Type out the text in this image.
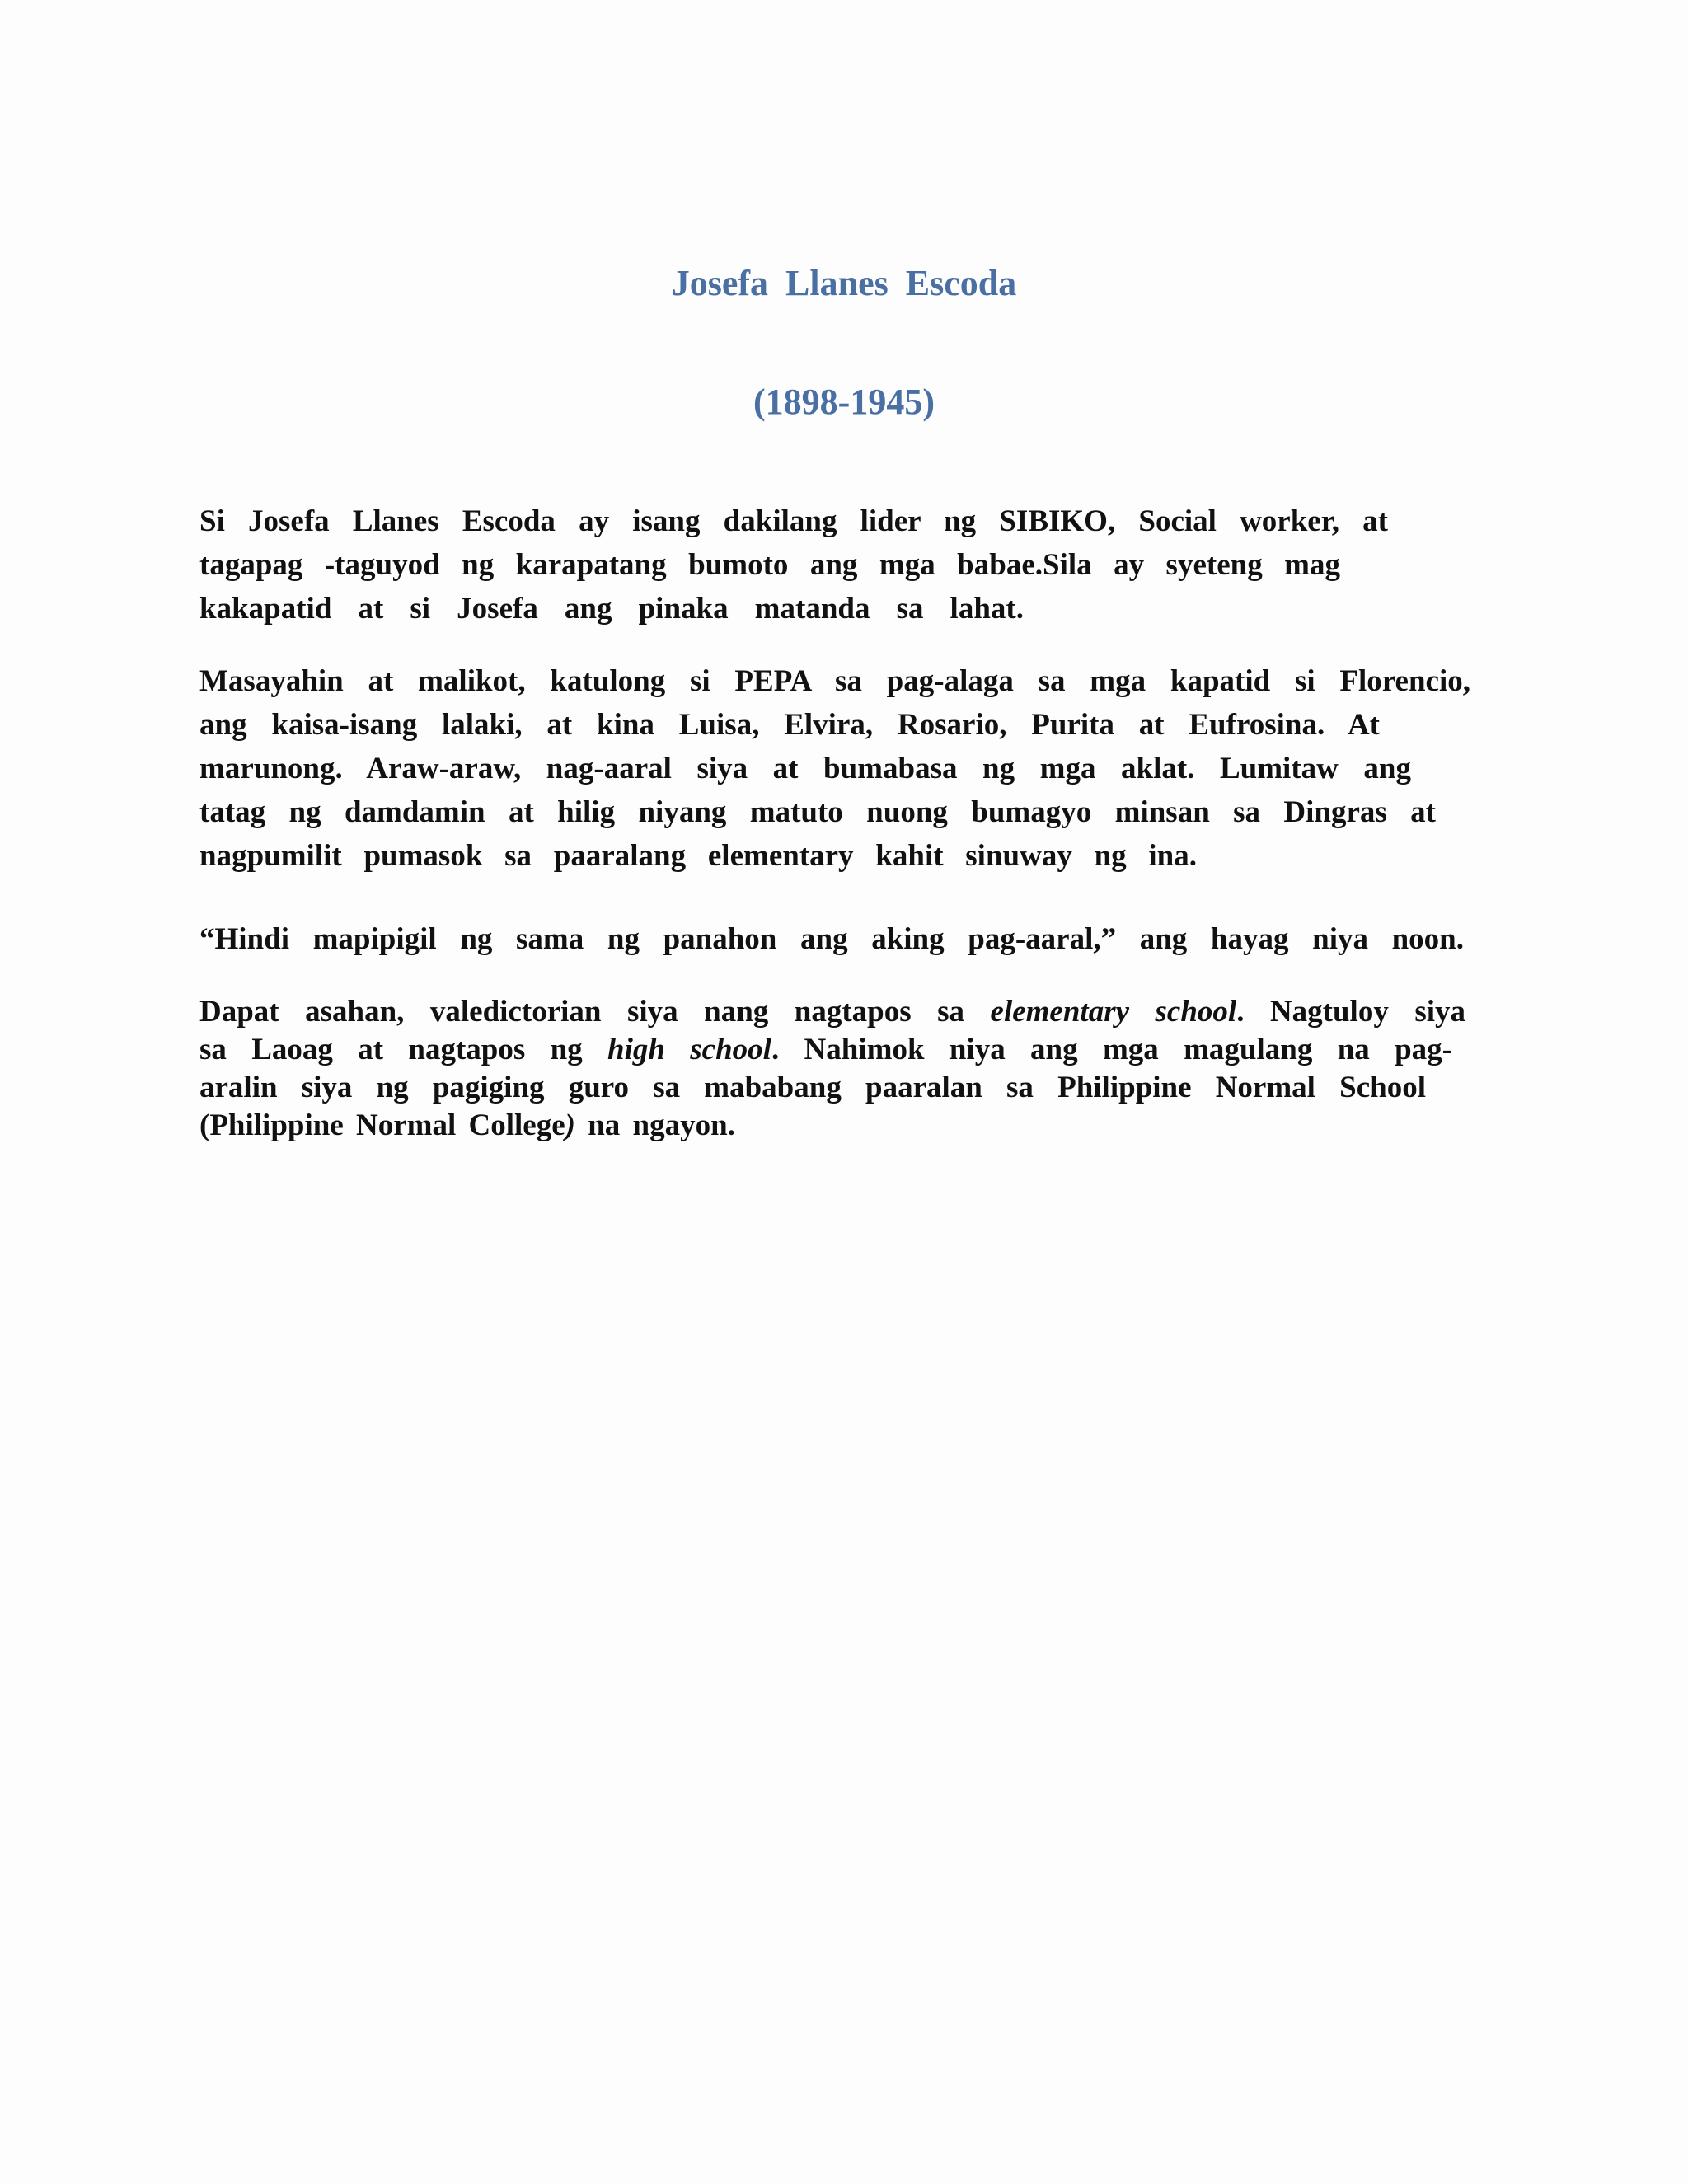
Josefa Llanes Escoda
(1898-1945)

Si Josefa Llanes Escoda ay isang dakilang lider ng SIBIKO, Social worker, at
tagapag -taguyod ng karapatang bumoto ang mga babae.Sila ay syeteng mag
kakapatid at si Josefa ang pinaka matanda sa lahat.

Masayahin at malikot, katulong si PEPA sa pag-alaga sa mga kapatid si Florencio,
ang kaisa-isang lalaki, at kina Luisa, Elvira, Rosario, Purita at Eufrosina. At
marunong. Araw-araw, nag-aaral siya at bumabasa ng mga aklat. Lumitaw ang
tatag ng damdamin at hilig niyang matuto nuong bumagyo minsan sa Dingras at
nagpumilit pumasok sa paaralang elementary kahit sinuway ng ina.

“Hindi mapipigil ng sama ng panahon ang aking pag-aaral,” ang hayag niya noon.

Dapat asahan, valedictorian siya nang nagtapos sa elementary school. Nagtuloy siya
sa Laoag at nagtapos ng high school. Nahimok niya ang mga magulang na pag-
aralin siya ng pagiging guro sa mababang paaralan sa Philippine Normal School
(Philippine Normal College) na ngayon.
